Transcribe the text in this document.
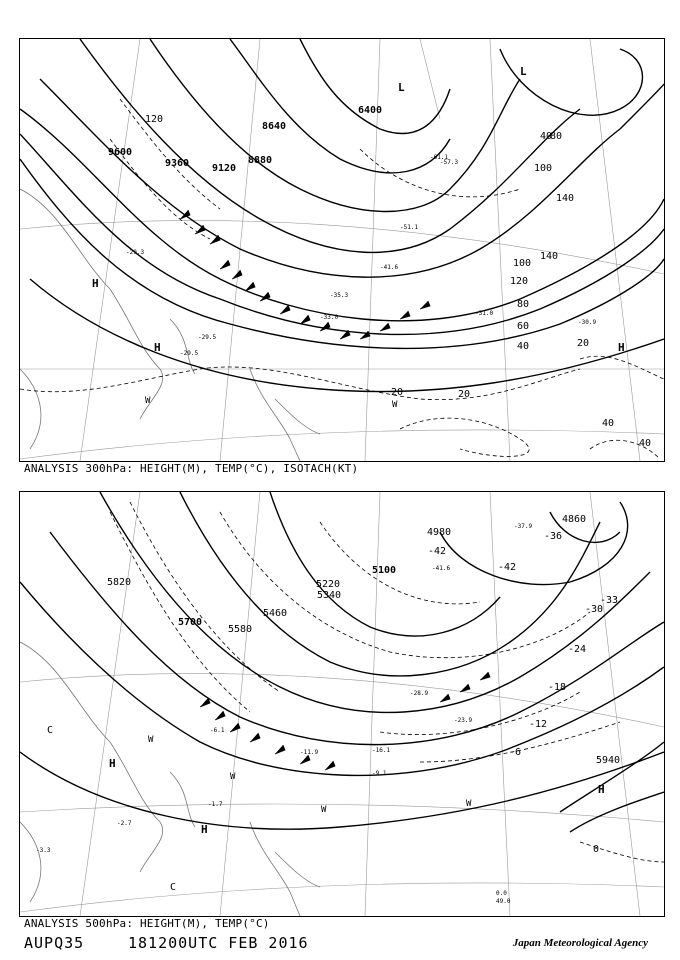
9600
9360 9120
8880
8640
6400
120
120
100
80
60
40
40
140
140
100
80
20
20	20
40
40
-29.3
-29.5
-29.5
-30.9
-31.0
-35.3
-33.0
-41.6
-51.1
-57.3
-61.1
H
H	H
L
L
W	W
ANALYSIS 300hPa: HEIGHT(M), TEMP(°C), ISOTACH(KT)
5820
5700
5580
5460
5340
5220
5100
4980
4860
5940
-42
-42
-36
-33
-30
-24
-18
-12
-6
0
-1.7
-2.7
-3.3
-6.1
-9.1
-11.9	-16.1
-23.9
-28.9
-37.9
-41.6
0.0
49.0
H
H
H
C
C
W
W
W
W
ANALYSIS 500hPa: HEIGHT(M), TEMP(°C)
AUPQ35	181200UTC FEB 2016	Japan Meteorological Agency
